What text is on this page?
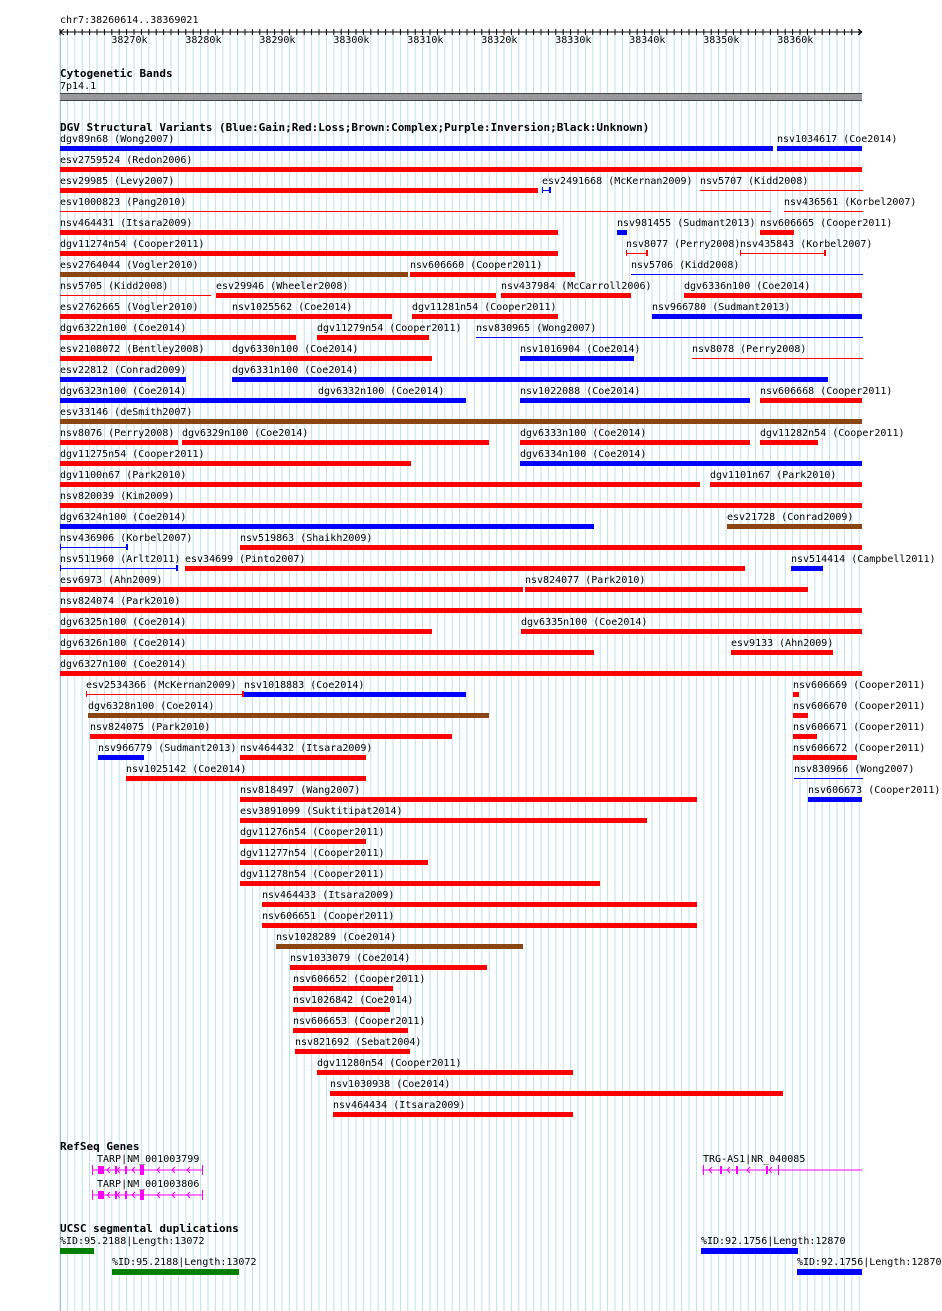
chr7:38260614..38369021
38270k	38280k	38290k	38300k	38310k	38320k	38330k	38340k	38350k	38360k
Cytogenetic Bands
7p14.1
DGV Structural Variants (Blue:Gain;Red:Loss;Brown:Complex;Purple:Inversion;Black:Unknown)
dgv89n68 (Wong2007)	nsv1034617 (Coe2014)
esv2759524 (Redon2006)
esv29985 (Levy2007)	esv2491668 (McKernan2009) nsv5707 (Kidd2008)
esv1000823 (Pang2010)	nsv436561 (Korbel2007)
nsv464431 (Itsara2009)	nsv981455 (Sudmant2013) nsv606665 (Cooper2011)
dgv11274n54 (Cooper2011)	nsv8077 (Perry2008) nsv435843 (Korbel2007)
esv2764044 (Vogler2010)	nsv606660 (Cooper2011)	nsv5706 (Kidd2008)
nsv5705 (Kidd2008)	esv29946 (Wheeler2008)	nsv437984 (McCarroll2006)	dgv6336n100 (Coe2014)
esv2762665 (Vogler2010)	nsv1025562 (Coe2014)	dgv11281n54 (Cooper2011)	nsv966780 (Sudmant2013)
dgv6322n100 (Coe2014)	dgv11279n54 (Cooper2011) nsv830965 (Wong2007)
esv2108072 (Bentley2008)	dgv6330n100 (Coe2014)	nsv1016904 (Coe2014)	nsv8078 (Perry2008)
esv22812 (Conrad2009)	dgv6331n100 (Coe2014)
dgv6323n100 (Coe2014)	dgv6332n100 (Coe2014)	nsv1022088 (Coe2014)	nsv606668 (Cooper2011)
esv33146 (deSmith2007)
nsv8076 (Perry2008) dgv6329n100 (Coe2014)	dgv6333n100 (Coe2014)	dgv11282n54 (Cooper2011)
dgv11275n54 (Cooper2011)	dgv6334n100 (Coe2014)
dgv1100n67 (Park2010)	dgv1101n67 (Park2010)
nsv820039 (Kim2009)
dgv6324n100 (Coe2014)	esv21728 (Conrad2009)
nsv436906 (Korbel2007)	nsv519863 (Shaikh2009)
nsv511960 (Arlt2011) esv34699 (Pinto2007)	nsv514414 (Campbell2011)
esv6973 (Ahn2009)	nsv824077 (Park2010)
nsv824074 (Park2010)
dgv6325n100 (Coe2014)	dgv6335n100 (Coe2014)
dgv6326n100 (Coe2014)	esv9133 (Ahn2009)
dgv6327n100 (Coe2014)
esv2534366 (McKernan2009) nsv1018883 (Coe2014)	nsv606669 (Cooper2011)
dgv6328n100 (Coe2014)	nsv606670 (Cooper2011)
nsv824075 (Park2010)	nsv606671 (Cooper2011)
nsv966779 (Sudmant2013) nsv464432 (Itsara2009)	nsv606672 (Cooper2011)
nsv1025142 (Coe2014)	nsv830966 (Wong2007)
nsv606673 (Cooper2011)
nsv818497 (Wang2007)
esv3891099 (Suktitipat2014)
dgv11276n54 (Cooper2011)
dgv11277n54 (Cooper2011)
dgv11278n54 (Cooper2011)
nsv464433 (Itsara2009)
nsv606651 (Cooper2011)
nsv1028289 (Coe2014)
nsv1033079 (Coe2014)
nsv606652 (Cooper2011)
nsv1026842 (Coe2014)
nsv606653 (Cooper2011)
nsv821692 (Sebat2004)
dgv11280n54 (Cooper2011)
nsv1030938 (Coe2014)
nsv464434 (Itsara2009)
RefSeq Genes
TARP|NM_001003799
TARP|NM_001003806
TRG-AS1|NR_040085
UCSC segmental duplications
%ID:95.2188|Length:13072
%ID:95.2188|Length:13072
%ID:92.1756|Length:12870
%ID:92.1756|Length:12870
